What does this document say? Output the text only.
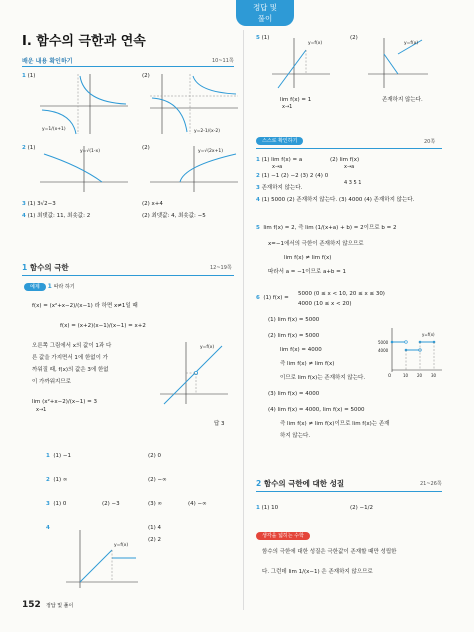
정답 및
풀이
I. 함수의 극한과 연속
배운 내용 확인하기	10~11쪽
1 (1)	(2)
y=1/(x+1)	y=2-1/(x-2)
2 (1)	(2)
y=√(1-x)	y=√(2x+1)
3 (1) 3√2−3	(2) x+4
4 (1) 최댓값: 11, 최솟값: 2	(2) 최댓값: 4, 최솟값: −5
1 함수의 극한	12~19쪽
예제 1 따라 하기
f(x) = (x²+x−2)/(x−1) 라 하면 x≠1일 때
f(x) = (x+2)(x−1)/(x−1) = x+2
오른쪽 그림에서 x의 값이 1과 다
른 값을 가지면서 1에 한없이 가
까워질 때, f(x)의 값은 3에 한없
이 가까워지므로
lim (x²+x−2)/(x−1) = 3
x→1
y=f(x)
답 3
1 (1) −1	(2) 0
2 (1) ∞	(2) −∞
3 (1) 0	(2) −3	(3) ∞	(4) −∞
4	(1) 4
(2) 2
y=f(x)
152 정답 및 풀이
5 (1)	(2)
y=f(x)	y=f(x)
lim f(x) = 1
x→1
존재하지 않는다.
스스로 확인하기	20쪽
1 (1) lim f(x) = a
x→a
(2) lim f(x)
x→a
2 (1) −1 (2) −2 (3) 2 (4) 0
3 존재하지 않는다.
4 3 5 1
4 (1) 5000 (2) 존재하지 않는다. (3) 4000 (4) 존재하지 않는다.
5 lim f(x) = 2, 즉 lim (1/(x+a) + b) = 2이므로 b = 2
x=−1에서의 극한이 존재하지 않으므로
lim f(x) ≠ lim f(x)
따라서 a = −1이므로 a+b = 1
6 (1) f(x) =
5000 (0 ≤ x < 10, 20 ≤ x ≤ 30)
4000 (10 ≤ x < 20)
(1) lim f(x) = 5000
(2) lim f(x) = 5000
lim f(x) = 4000
즉 lim f(x) ≠ lim f(x)
이므로 lim f(x)는 존재하지 않는다.
(3) lim f(x) = 4000
(4) lim f(x) = 4000, lim f(x) = 5000
즉 lim f(x) ≠ lim f(x)이므로 lim f(x)는 존재
하지 않는다.
5000
4000
O	10 20 30
y=f(x)
2 함수의 극한에 대한 성질	21~26쪽
1 (1) 10	(2) −1/2
생각을 넓히는 수학
함수의 극한에 대한 성질은 극한값이 존재할 때만 성립한
다. 그런데 lim 1/(x−1) 은 존재하지 않으므로
